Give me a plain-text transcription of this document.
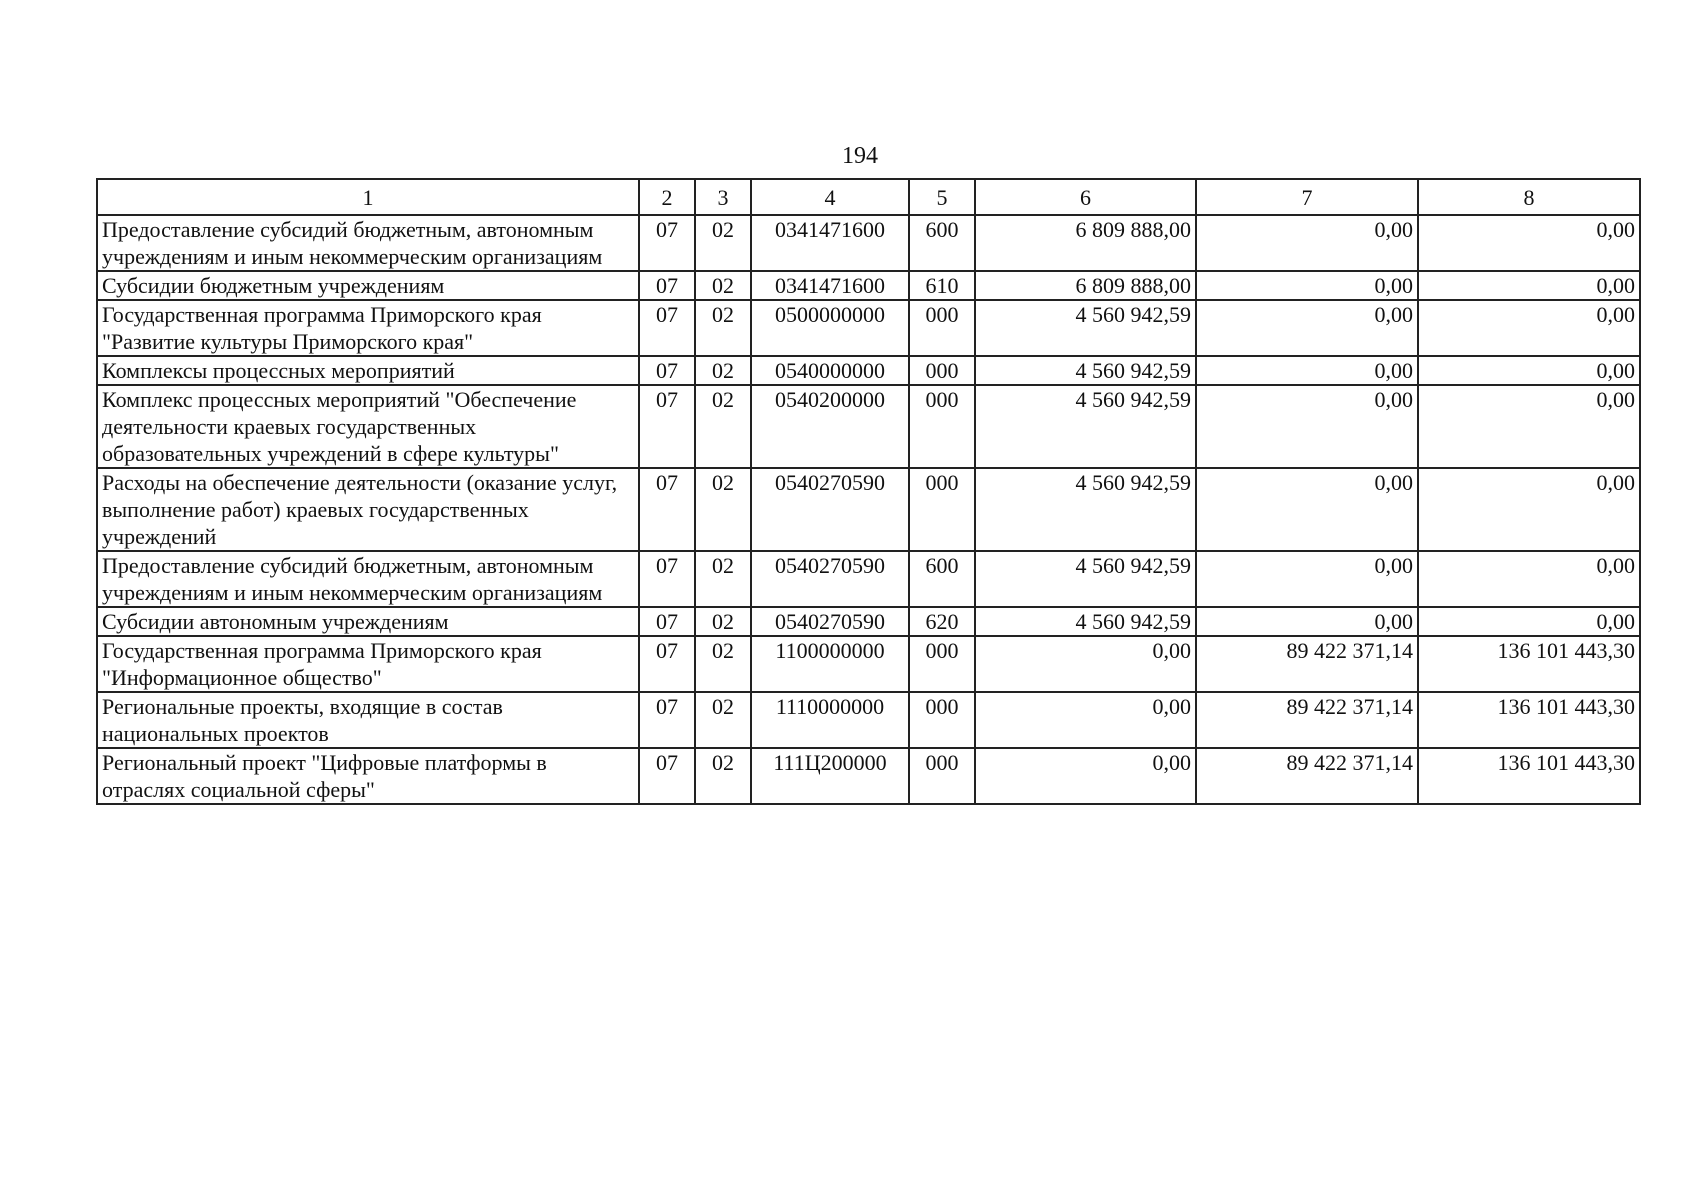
194
1	2	3	4	5	6	7	8
Предоставление субсидий бюджетным, автономным учреждениям и иным некоммерческим организациям	07	02	0341471600	600	6 809 888,00	0,00	0,00
Субсидии бюджетным учреждениям	07	02	0341471600	610	6 809 888,00	0,00	0,00
Государственная программа Приморского края "Развитие культуры Приморского края"	07	02	0500000000	000	4 560 942,59	0,00	0,00
Комплексы процессных мероприятий	07	02	0540000000	000	4 560 942,59	0,00	0,00
Комплекс процессных мероприятий "Обеспечение деятельности краевых государственных образовательных учреждений в сфере культуры"	07	02	0540200000	000	4 560 942,59	0,00	0,00
Расходы на обеспечение деятельности (оказание услуг, выполнение работ) краевых государственных учреждений	07	02	0540270590	000	4 560 942,59	0,00	0,00
Предоставление субсидий бюджетным, автономным учреждениям и иным некоммерческим организациям	07	02	0540270590	600	4 560 942,59	0,00	0,00
Субсидии автономным учреждениям	07	02	0540270590	620	4 560 942,59	0,00	0,00
Государственная программа Приморского края "Информационное общество"	07	02	1100000000	000	0,00	89 422 371,14	136 101 443,30
Региональные проекты, входящие в состав национальных проектов	07	02	1110000000	000	0,00	89 422 371,14	136 101 443,30
Региональный проект "Цифровые платформы в отраслях социальной сферы"	07	02	111Ц200000	000	0,00	89 422 371,14	136 101 443,30
